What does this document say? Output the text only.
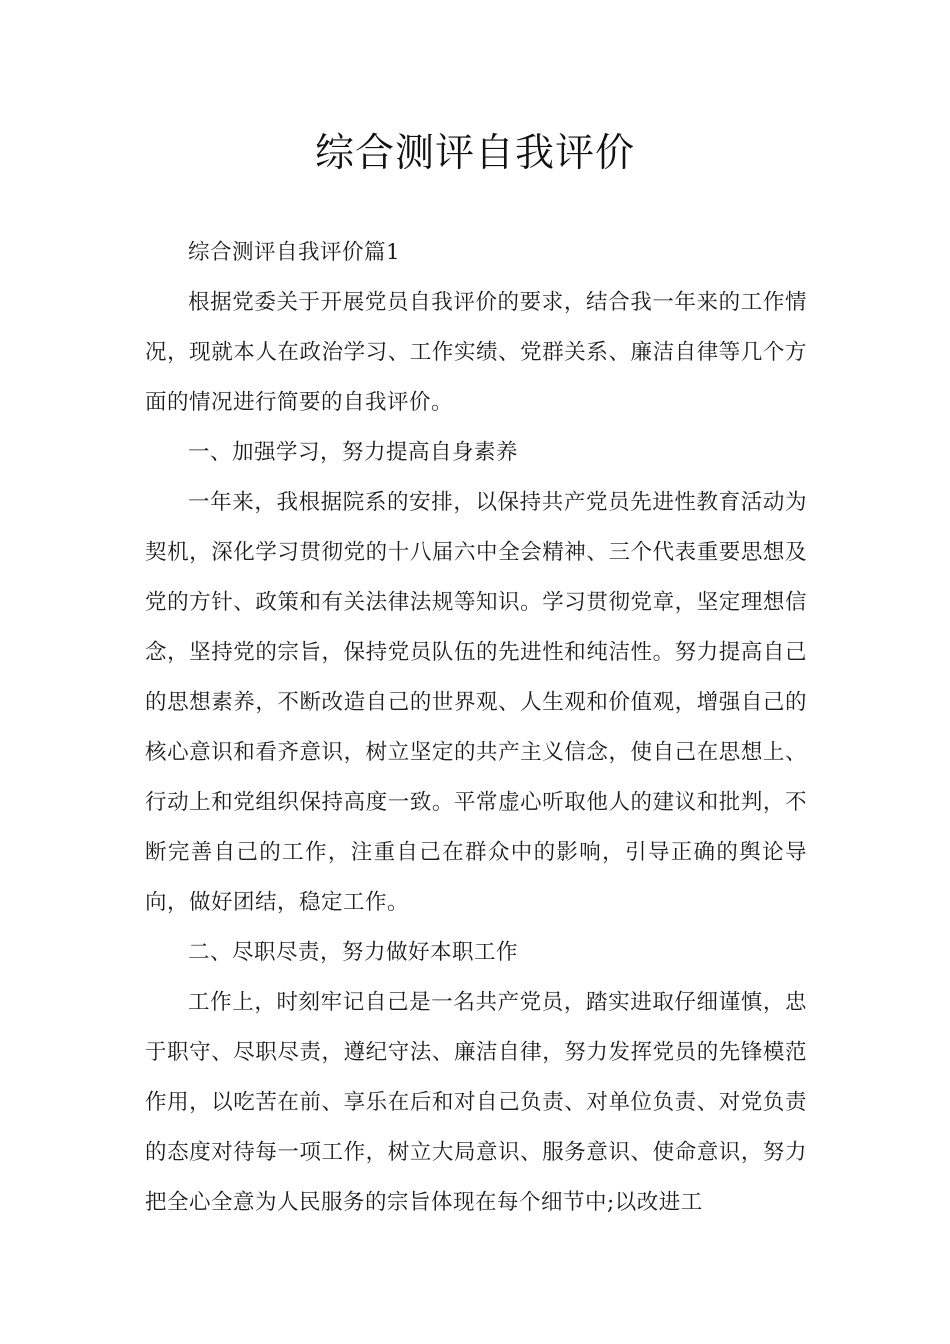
综合测评自我评价

综合测评自我评价篇1

根据党委关于开展党员自我评价的要求，结合我一年来的工作情况，现就本人在政治学习、工作实绩、党群关系、廉洁自律等几个方面的情况进行简要的自我评价。

一、加强学习，努力提高自身素养

一年来，我根据院系的安排，以保持共产党员先进性教育活动为契机，深化学习贯彻党的十八届六中全会精神、三个代表重要思想及党的方针、政策和有关法律法规等知识。学习贯彻党章，坚定理想信念，坚持党的宗旨，保持党员队伍的先进性和纯洁性。努力提高自己的思想素养，不断改造自己的世界观、人生观和价值观，增强自己的核心意识和看齐意识，树立坚定的共产主义信念，使自己在思想上、行动上和党组织保持高度一致。平常虚心听取他人的建议和批判，不断完善自己的工作，注重自己在群众中的影响，引导正确的舆论导向，做好团结，稳定工作。

二、尽职尽责，努力做好本职工作

工作上，时刻牢记自己是一名共产党员，踏实进取仔细谨慎，忠于职守、尽职尽责，遵纪守法、廉洁自律，努力发挥党员的先锋模范作用，以吃苦在前、享乐在后和对自己负责、对单位负责、对党负责的态度对待每一项工作，树立大局意识、服务意识、使命意识，努力把全心全意为人民服务的宗旨体现在每个细节中;以改进工
